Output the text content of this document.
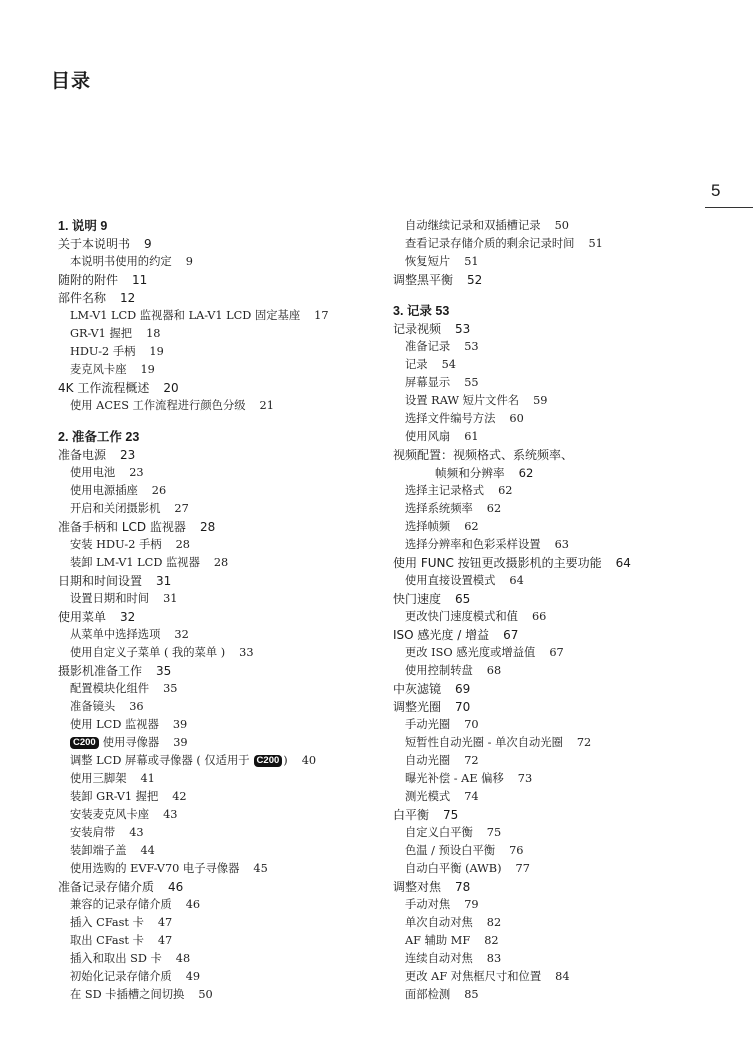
目录
5
1. 说明 9
关于本说明书 9
本说明书使用的约定 9
随附的附件 11
部件名称 12
LM-V1 LCD 监视器和 LA-V1 LCD 固定基座 17
GR-V1 握把 18
HDU-2 手柄 19
麦克风卡座 19
4K 工作流程概述 20
使用 ACES 工作流程进行颜色分级 21
2. 准备工作 23
准备电源 23
使用电池 23
使用电源插座 26
开启和关闭摄影机 27
准备手柄和 LCD 监视器 28
安装 HDU-2 手柄 28
装卸 LM-V1 LCD 监视器 28
日期和时间设置 31
设置日期和时间 31
使用菜单 32
从菜单中选择选项 32
使用自定义子菜单 ( 我的菜单 ) 33
摄影机准备工作 35
配置模块化组件 35
准备镜头 36
使用 LCD 监视器 39
C200 使用寻像器 39
调整 LCD 屏幕或寻像器 ( 仅适用于 C200 ) 40
使用三脚架 41
装卸 GR-V1 握把 42
安装麦克风卡座 43
安装肩带 43
装卸端子盖 44
使用选购的 EVF-V70 电子寻像器 45
准备记录存储介质 46
兼容的记录存储介质 46
插入 CFast 卡 47
取出 CFast 卡 47
插入和取出 SD 卡 48
初始化记录存储介质 49
在 SD 卡插槽之间切换 50
自动继续记录和双插槽记录 50
查看记录存储介质的剩余记录时间 51
恢复短片 51
调整黑平衡 52
3. 记录 53
记录视频 53
准备记录 53
记录 54
屏幕显示 55
设置 RAW 短片文件名 59
选择文件编号方法 60
使用风扇 61
视频配置：视频格式、系统频率、
帧频和分辨率 62
选择主记录格式 62
选择系统频率 62
选择帧频 62
选择分辨率和色彩采样设置 63
使用 FUNC 按钮更改摄影机的主要功能 64
使用直接设置模式 64
快门速度 65
更改快门速度模式和值 66
ISO 感光度 / 增益 67
更改 ISO 感光度或增益值 67
使用控制转盘 68
中灰滤镜 69
调整光圈 70
手动光圈 70
短暂性自动光圈 - 单次自动光圈 72
自动光圈 72
曝光补偿 - AE 偏移 73
测光模式 74
白平衡 75
自定义白平衡 75
色温 / 预设白平衡 76
自动白平衡 (AWB) 77
调整对焦 78
手动对焦 79
单次自动对焦 82
AF 辅助 MF 82
连续自动对焦 83
更改 AF 对焦框尺寸和位置 84
面部检测 85
